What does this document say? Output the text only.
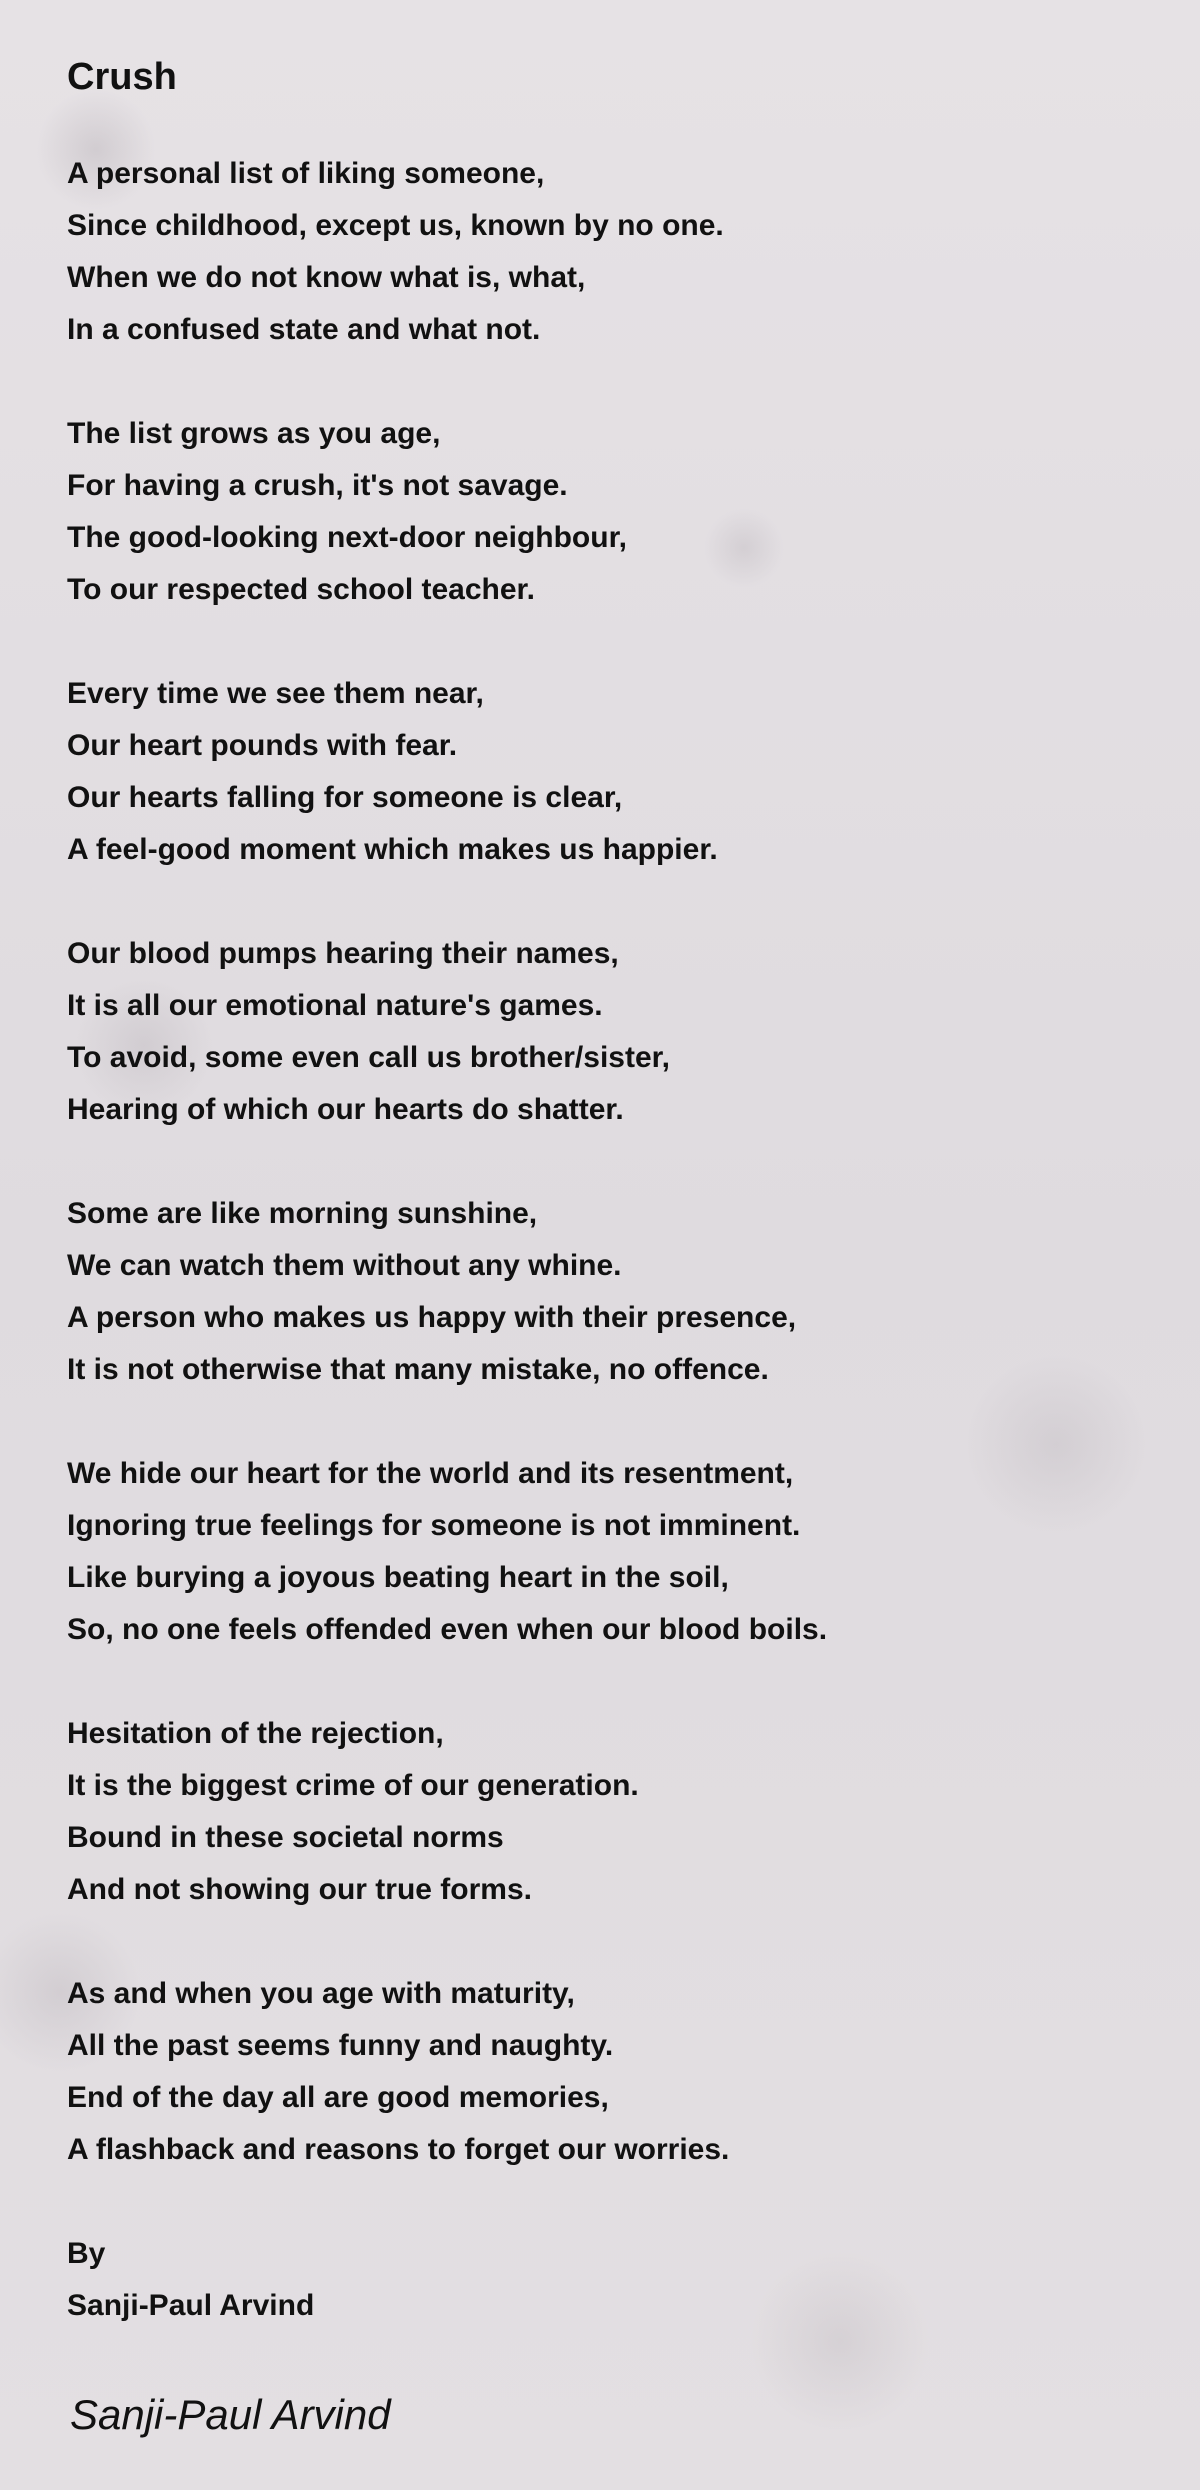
Crush
A personal list of liking someone,
Since childhood, except us, known by no one.
When we do not know what is, what,
In a confused state and what not.
The list grows as you age,
For having a crush, it's not savage.
The good-looking next-door neighbour,
To our respected school teacher.
Every time we see them near,
Our heart pounds with fear.
Our hearts falling for someone is clear,
A feel-good moment which makes us happier.
Our blood pumps hearing their names,
It is all our emotional nature's games.
To avoid, some even call us brother/sister,
Hearing of which our hearts do shatter.
Some are like morning sunshine,
We can watch them without any whine.
A person who makes us happy with their presence,
It is not otherwise that many mistake, no offence.
We hide our heart for the world and its resentment,
Ignoring true feelings for someone is not imminent.
Like burying a joyous beating heart in the soil,
So, no one feels offended even when our blood boils.
Hesitation of the rejection,
It is the biggest crime of our generation.
Bound in these societal norms
And not showing our true forms.
As and when you age with maturity,
All the past seems funny and naughty.
End of the day all are good memories,
A flashback and reasons to forget our worries.
By
Sanji-Paul Arvind
Sanji-Paul Arvind
